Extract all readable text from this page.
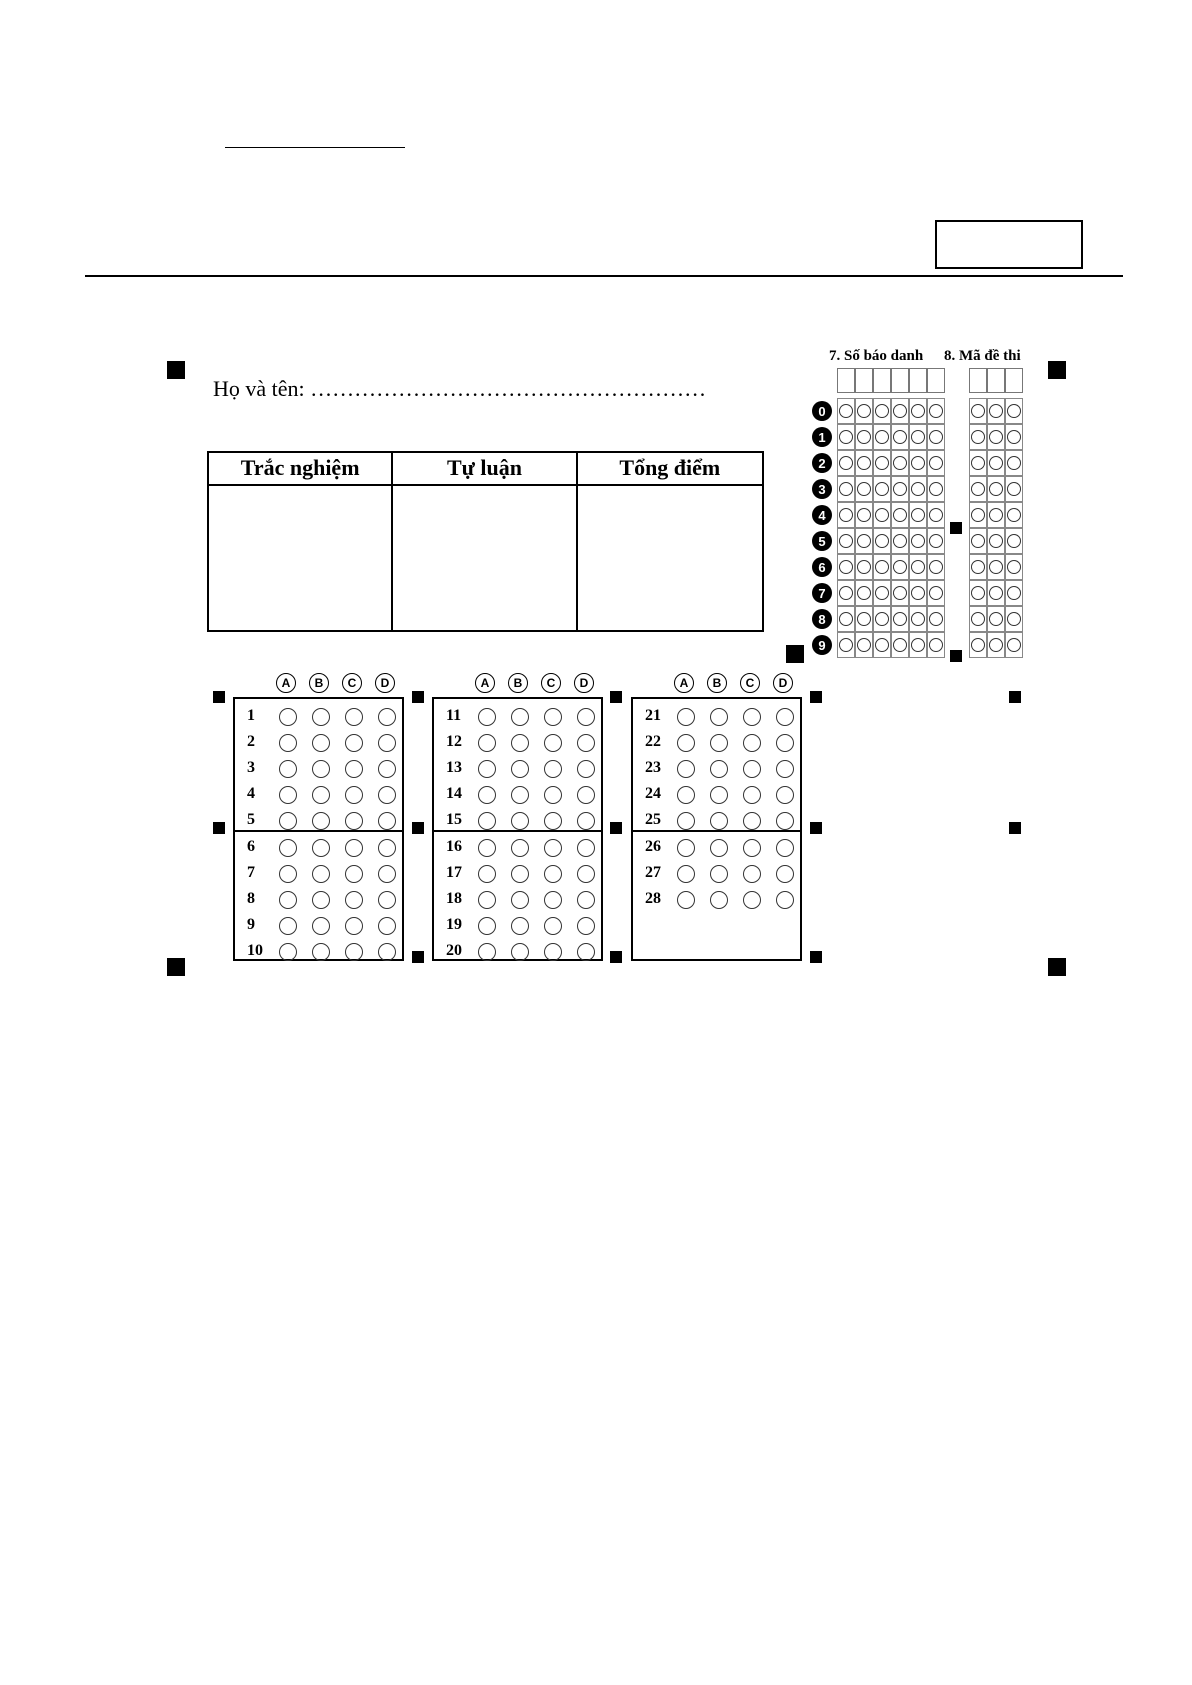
Họ và tên: ………………………………………………
Trắc nghiệm	Tự luận	Tổng điểm
7. Số báo danh 8. Mã đề thi
0
1
2
3
4
5
6
7
8
9
A	B	C	D
1
2
3
4
5
6
7
8
9
10
A	B	C	D
11
12
13
14
15
16
17
18
19
20
A	B	C	D
21
22
23
24
25
26
27
28
